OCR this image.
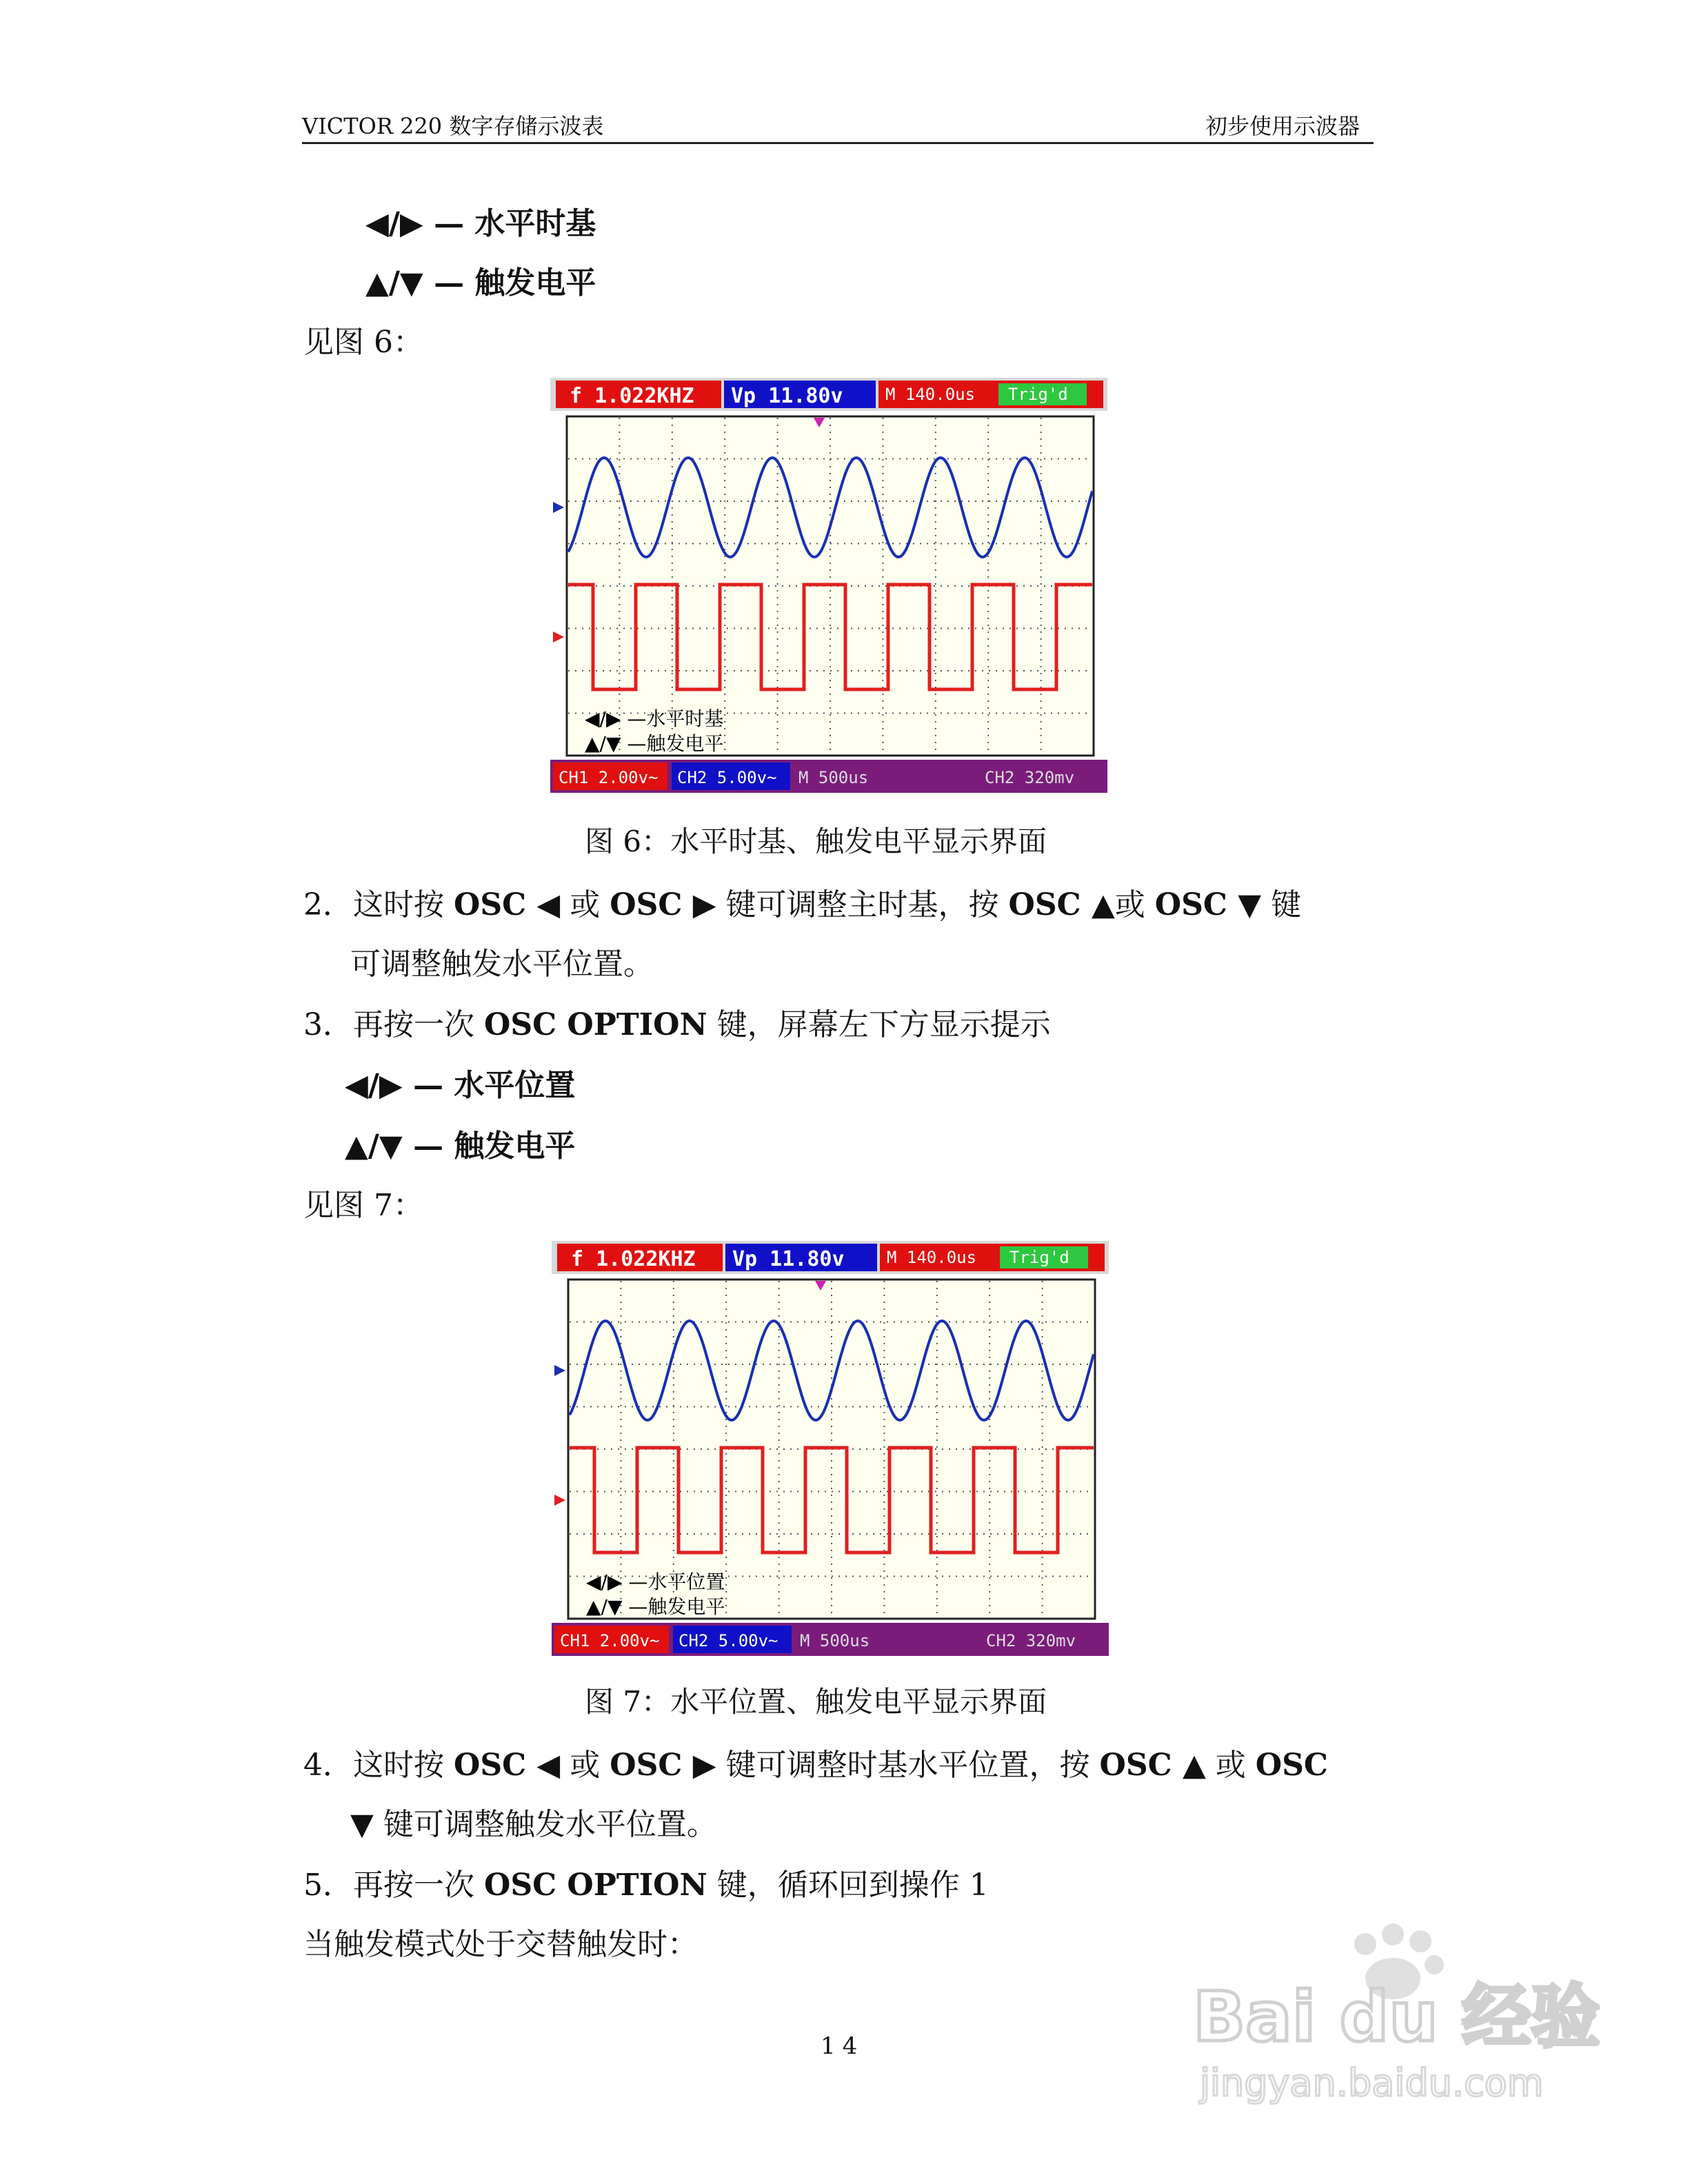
VICTOR 220 数字存储示波表	初步使用示波器
◀/▶ — 水平时基
▲/▼ — 触发电平
见图 6：
f 1.022KHZ Vp 11.80v	M 140.0us Trig'd
◀/▶ —水平时基
▲/▼ —触发电平
CH1 2.00v~ CH2 5.00v~ M 500us	CH2 320mv
图 6：水平时基、触发电平显示界面
2．这时按 OSC ◀ 或 OSC ▶ 键可调整主时基，按 OSC ▲或 OSC ▼ 键
可调整触发水平位置。
3．再按一次 OSC OPTION 键，屏幕左下方显示提示
◀/▶ — 水平位置
▲/▼ — 触发电平
见图 7：
f 1.022KHZ Vp 11.80v	M 140.0us Trig'd
◀/▶ —水平位置
▲/▼ —触发电平
CH1 2.00v~ CH2 5.00v~ M 500us	CH2 320mv
图 7：水平位置、触发电平显示界面
4．这时按 OSC ◀ 或 OSC ▶ 键可调整时基水平位置，按 OSC ▲ 或 OSC
▼ 键可调整触发水平位置。
5．再按一次 OSC OPTION 键，循环回到操作 1
当触发模式处于交替触发时：
14	Bai du 经验
jingyan.baidu.com
